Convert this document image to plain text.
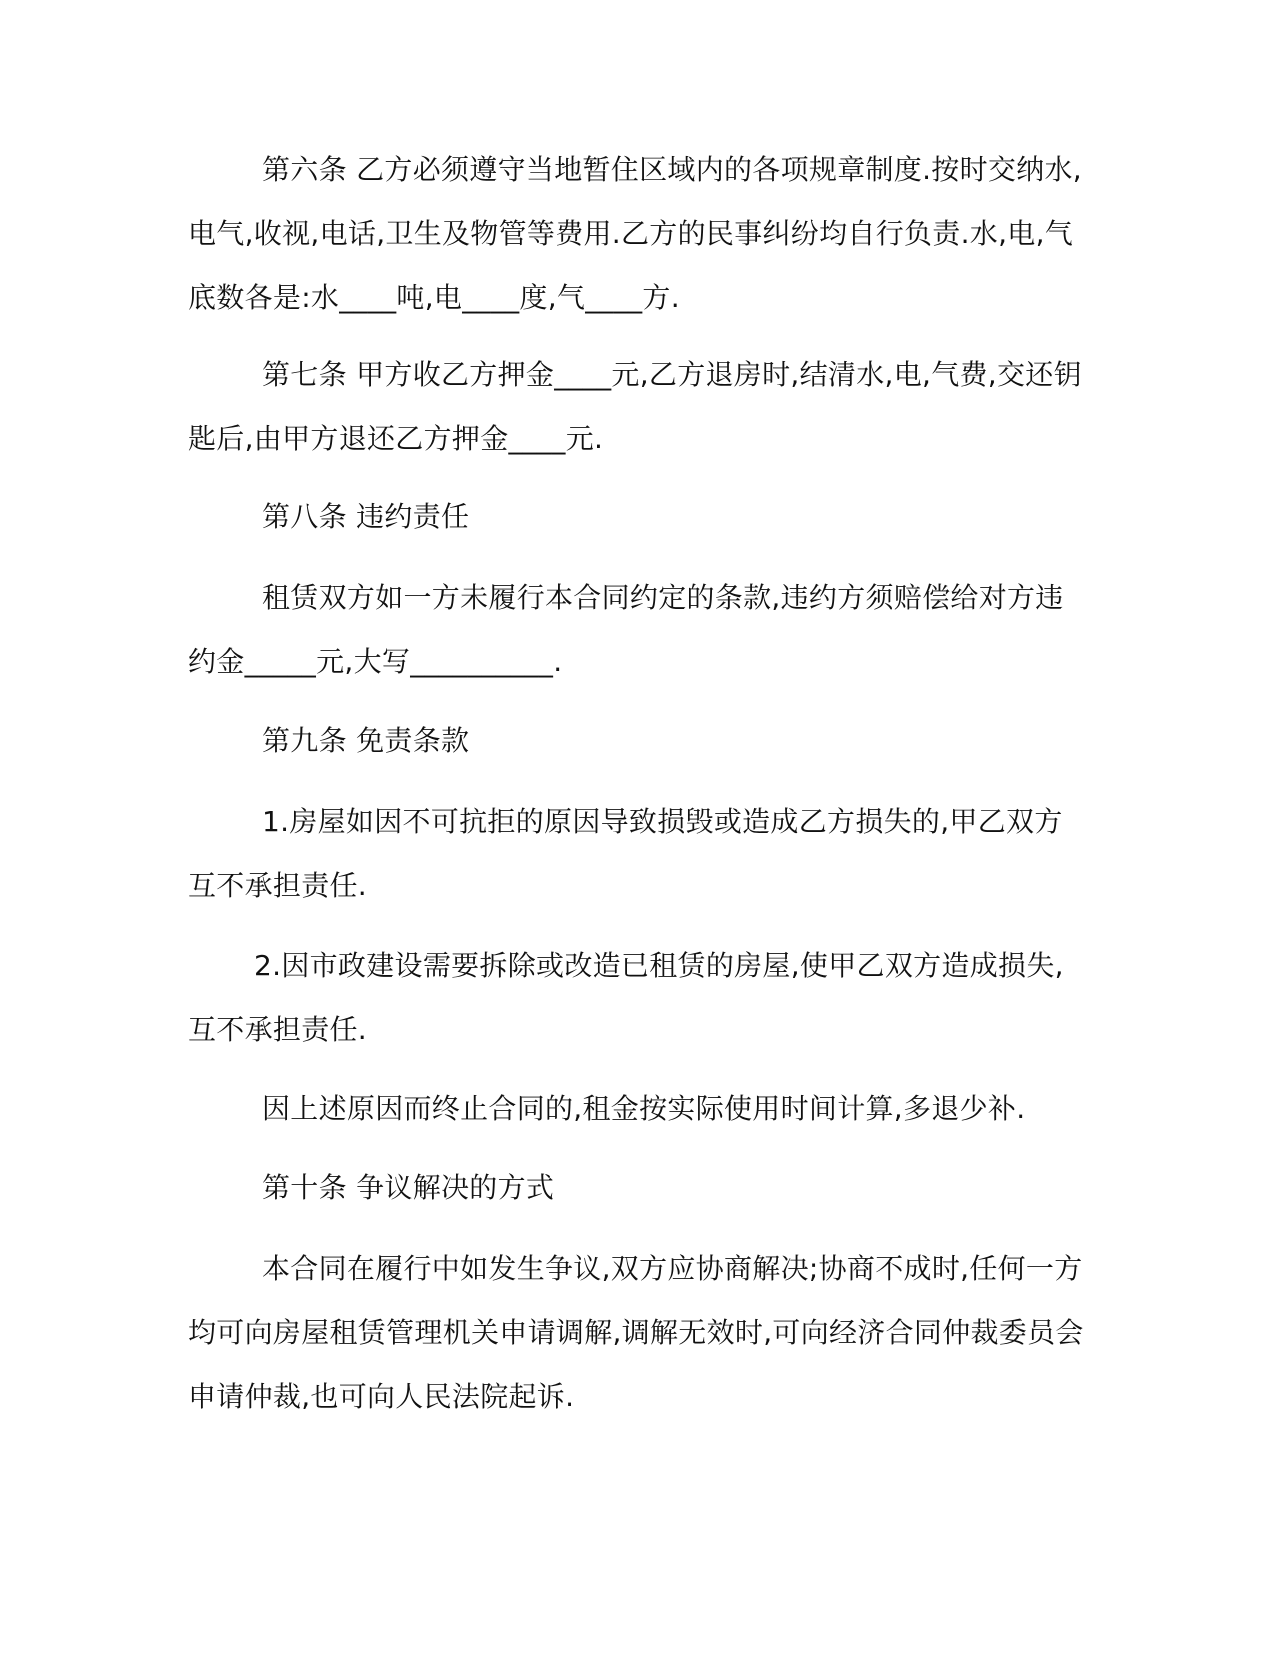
第六条 乙方必须遵守当地暂住区域内的各项规章制度.按时交纳水,电气,收视,电话,卫生及物管等费用.乙方的民事纠纷均自行负责.水,电,气底数各是:水____吨,电____度,气____方.

第七条 甲方收乙方押金____元,乙方退房时,结清水,电,气费,交还钥匙后,由甲方退还乙方押金____元.

第八条 违约责任

租赁双方如一方未履行本合同约定的条款,违约方须赔偿给对方违约金_____元,大写__________.

第九条 免责条款

1.房屋如因不可抗拒的原因导致损毁或造成乙方损失的,甲乙双方互不承担责任.

2.因市政建设需要拆除或改造已租赁的房屋,使甲乙双方造成损失,互不承担责任.

因上述原因而终止合同的,租金按实际使用时间计算,多退少补.

第十条 争议解决的方式

本合同在履行中如发生争议,双方应协商解决;协商不成时,任何一方均可向房屋租赁管理机关申请调解,调解无效时,可向经济合同仲裁委员会申请仲裁,也可向人民法院起诉.
